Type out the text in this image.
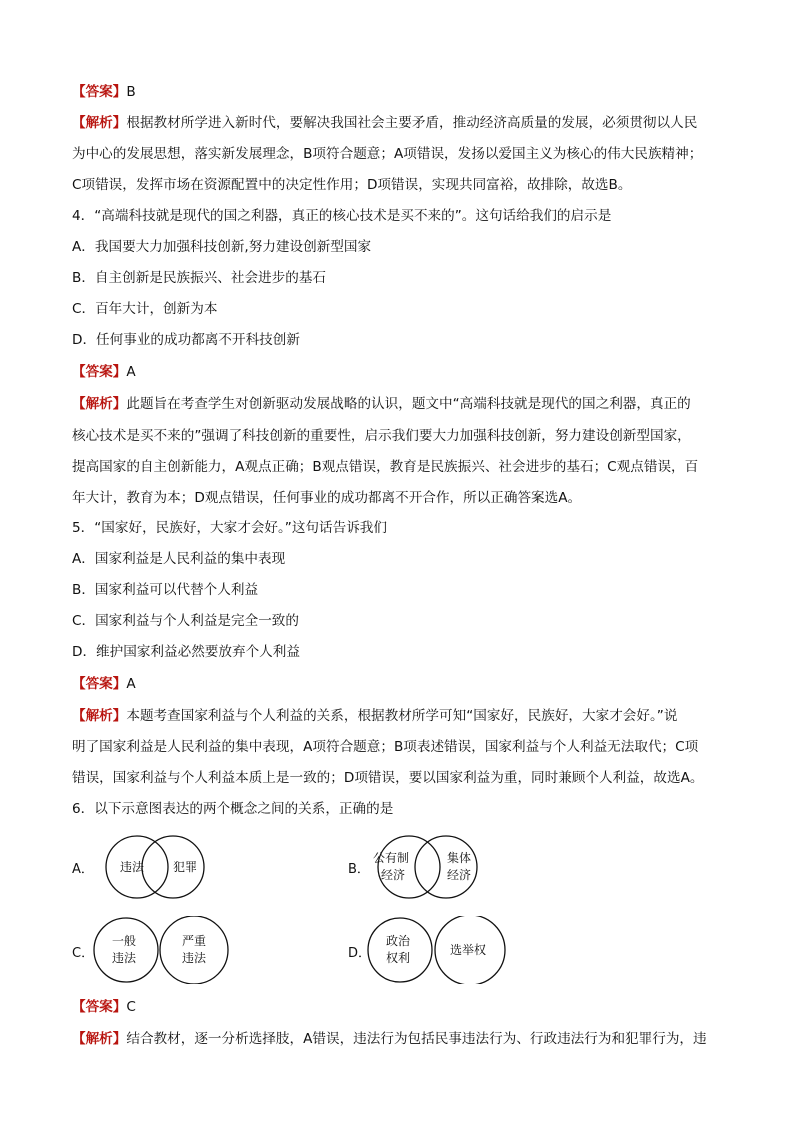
【答案】B
【解析】根据教材所学进入新时代，要解决我国社会主要矛盾，推动经济高质量的发展，必须贯彻以人民
为中心的发展思想，落实新发展理念，B项符合题意；A项错误，发扬以爱国主义为核心的伟大民族精神；
C项错误，发挥市场在资源配置中的决定性作用；D项错误，实现共同富裕，故排除，故选B。
4．“高端科技就是现代的国之利器，真正的核心技术是买不来的”。这句话给我们的启示是
A．我国要大力加强科技创新,努力建设创新型国家
B．自主创新是民族振兴、社会进步的基石
C．百年大计，创新为本
D．任何事业的成功都离不开科技创新
【答案】A
【解析】此题旨在考查学生对创新驱动发展战略的认识，题文中“高端科技就是现代的国之利器，真正的
核心技术是买不来的”强调了科技创新的重要性，启示我们要大力加强科技创新，努力建设创新型国家，
提高国家的自主创新能力，A观点正确；B观点错误，教育是民族振兴、社会进步的基石；C观点错误，百
年大计，教育为本；D观点错误，任何事业的成功都离不开合作，所以正确答案选A。
5．“国家好，民族好，大家才会好。”这句话告诉我们
A．国家利益是人民利益的集中表现
B．国家利益可以代替个人利益
C．国家利益与个人利益是完全一致的
D．维护国家利益必然要放弃个人利益
【答案】A
【解析】本题考查国家利益与个人利益的关系，根据教材所学可知“国家好，民族好，大家才会好。”说
明了国家利益是人民利益的集中表现，A项符合题意；B项表述错误，国家利益与个人利益无法取代；C项
错误，国家利益与个人利益本质上是一致的；D项错误，要以国家利益为重，同时兼顾个人利益，故选A。
6．以下示意图表达的两个概念之间的关系，正确的是
A． 违法 犯罪	B．
公有制
经济
集体
经济
C．
一般
违法
严重
违法	D．
政治
权利
选举权
【答案】C
【解析】结合教材，逐一分析选择肢，A错误，违法行为包括民事违法行为、行政违法行为和犯罪行为，违
